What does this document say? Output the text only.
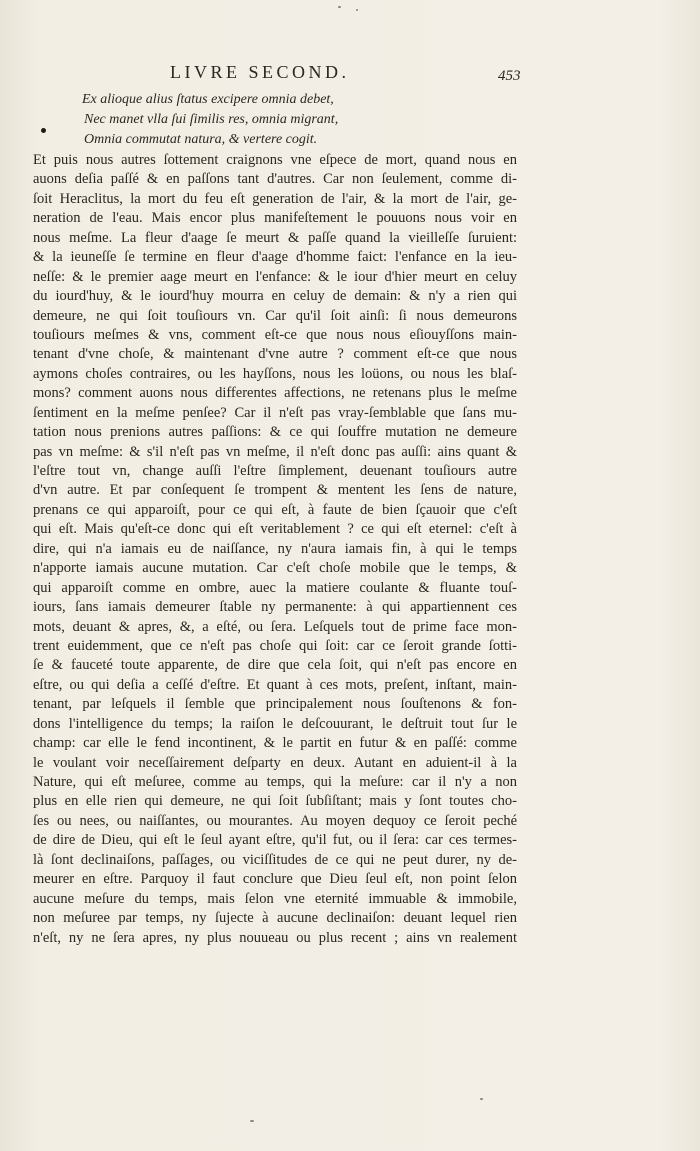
LIVRE SECOND.	453
Ex alioque alius ſtatus excipere omnia debet,
Nec manet vlla ſui ſimilis res, omnia migrant,
Omnia commutat natura, & vertere cogit.
Et puis nous autres ſottement craignons vne eſpece de mort, quand nous en
auons deſia paſſé & en paſſons tant d'autres. Car non ſeulement, comme di-
ſoit Heraclitus, la mort du feu eſt generation de l'air, & la mort de l'air, ge-
neration de l'eau. Mais encor plus manifeſtement le pouuons nous voir en
nous meſme. La fleur d'aage ſe meurt & paſſe quand la vieilleſſe ſuruient:
& la ieuneſſe ſe termine en fleur d'aage d'homme faict: l'enfance en la ieu-
neſſe: & le premier aage meurt en l'enfance: & le iour d'hier meurt en celuy
du iourd'huy, & le iourd'huy mourra en celuy de demain: & n'y a rien qui
demeure, ne qui ſoit touſiours vn. Car qu'il ſoit ainſi: ſi nous demeurons
touſiours meſmes & vns, comment eſt-ce que nous nous eſiouyſſons main-
tenant d'vne choſe, & maintenant d'vne autre ? comment eſt-ce que nous
aymons choſes contraires, ou les hayſſons, nous les loüons, ou nous les blaſ-
mons? comment auons nous differentes affections, ne retenans plus le meſme
ſentiment en la meſme penſee? Car il n'eſt pas vray-ſemblable que ſans mu-
tation nous prenions autres paſſions: & ce qui ſouffre mutation ne demeure
pas vn meſme: & s'il n'eſt pas vn meſme, il n'eſt donc pas auſſi: ains quant &
l'eſtre tout vn, change auſſi l'eſtre ſimplement, deuenant touſiours autre
d'vn autre. Et par conſequent ſe trompent & mentent les ſens de nature,
prenans ce qui apparoiſt, pour ce qui eſt, à faute de bien ſçauoir que c'eſt
qui eſt. Mais qu'eſt-ce donc qui eſt veritablement ? ce qui eſt eternel: c'eſt à
dire, qui n'a iamais eu de naiſſance, ny n'aura iamais fin, à qui le temps
n'apporte iamais aucune mutation. Car c'eſt choſe mobile que le temps, &
qui apparoiſt comme en ombre, auec la matiere coulante & fluante touſ-
iours, ſans iamais demeurer ſtable ny permanente: à qui appartiennent ces
mots, deuant & apres, &, a eſté, ou ſera. Leſquels tout de prime face mon-
trent euidemment, que ce n'eſt pas choſe qui ſoit: car ce ſeroit grande ſotti-
ſe & fauceté toute apparente, de dire que cela ſoit, qui n'eſt pas encore en
eſtre, ou qui deſia a ceſſé d'eſtre. Et quant à ces mots, preſent, inſtant, main-
tenant, par leſquels il ſemble que principalement nous ſouſtenons & fon-
dons l'intelligence du temps; la raiſon le deſcouurant, le deſtruit tout ſur le
champ: car elle le fend incontinent, & le partit en futur & en paſſé: comme
le voulant voir neceſſairement deſparty en deux. Autant en aduient-il à la
Nature, qui eſt meſuree, comme au temps, qui la meſure: car il n'y a non
plus en elle rien qui demeure, ne qui ſoit ſubſiſtant; mais y ſont toutes cho-
ſes ou nees, ou naiſſantes, ou mourantes. Au moyen dequoy ce ſeroit peché
de dire de Dieu, qui eſt le ſeul ayant eſtre, qu'il fut, ou il ſera: car ces termes-
là ſont declinaiſons, paſſages, ou viciſſitudes de ce qui ne peut durer, ny de-
meurer en eſtre. Parquoy il faut conclure que Dieu ſeul eſt, non point ſelon
aucune meſure du temps, mais ſelon vne eternité immuable & immobile,
non meſuree par temps, ny ſujecte à aucune declinaiſon: deuant lequel rien
n'eſt, ny ne ſera apres, ny plus nouueau ou plus recent ; ains vn realement
